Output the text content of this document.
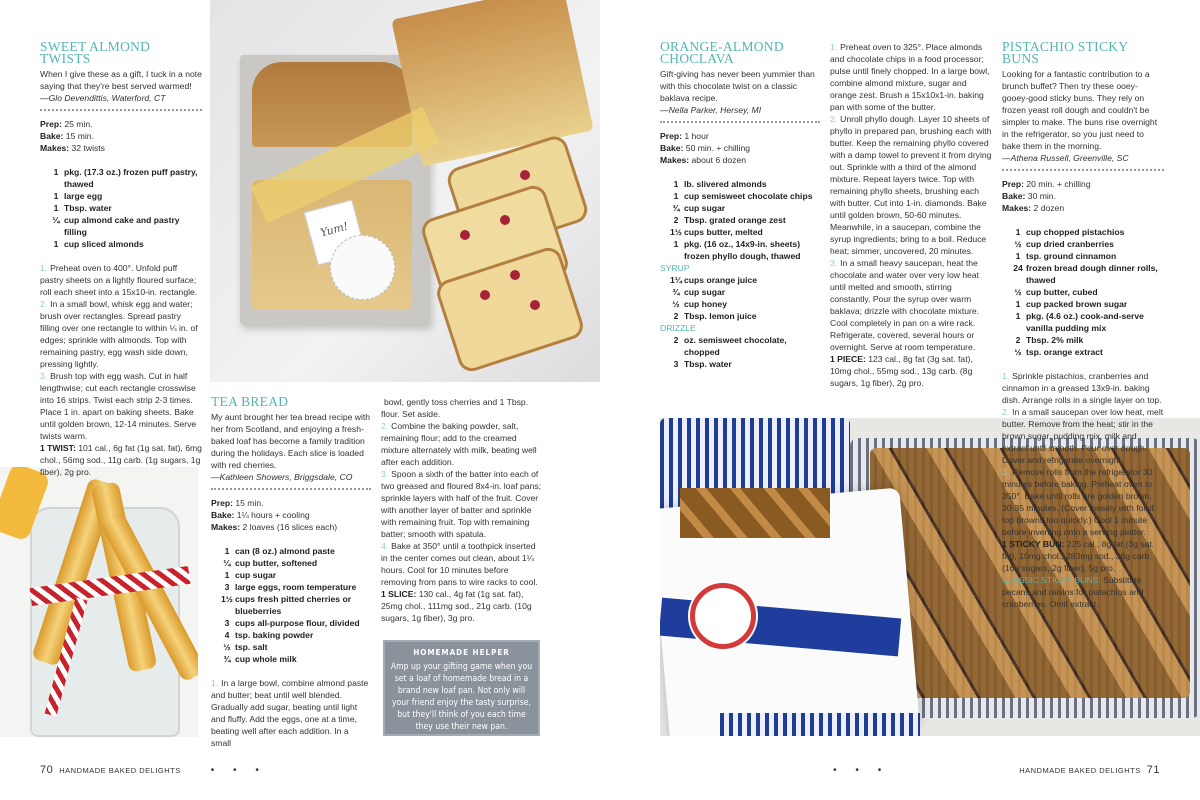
Yum!
SWEET ALMOND TWISTS

When I give these as a gift, I tuck in a note saying that they're best served warmed!

—Glo Devendittis, Waterford, CT

Prep: 25 min.
Bake: 15 min.
Makes: 32 twists
1 pkg. (17.3 oz.) frozen puff pastry, thawed
1 large egg
1 Tbsp. water
¼ cup almond cake and pastry filling
1 cup sliced almonds

1. Preheat oven to 400°. Unfold puff pastry sheets on a lightly floured surface; roll each sheet into a 15x10-in. rectangle.

2. In a small bowl, whisk egg and water; brush over rectangles. Spread pastry filling over one rectangle to within ¼ in. of edges; sprinkle with almonds. Top with remaining pastry, egg wash side down, pressing lightly.

3. Brush top with egg wash. Cut in half lengthwise; cut each rectangle crosswise into 16 strips. Twist each strip 2-3 times. Place 1 in. apart on baking sheets. Bake until golden brown, 12-14 minutes. Serve twists warm.

1 TWIST: 101 cal., 6g fat (1g sat. fat), 6mg chol., 56mg sod., 11g carb. (1g sugars, 1g fiber), 2g pro.

TEA BREAD

My aunt brought her tea bread recipe with her from Scotland, and enjoying a fresh-baked loaf has become a family tradition during the holidays. Each slice is loaded with red cherries.

—Kathleen Showers, Briggsdale, CO

Prep: 15 min.
Bake: 1¼ hours + cooling
Makes: 2 loaves (16 slices each)
1 can (8 oz.) almond paste
¼ cup butter, softened
1 cup sugar
3 large eggs, room temperature
1½ cups fresh pitted cherries or blueberries
3 cups all-purpose flour, divided
4 tsp. baking powder
½ tsp. salt
¾ cup whole milk

1. In a large bowl, combine almond paste and butter; beat until well blended. Gradually add sugar, beating until light and fluffy. Add the eggs, one at a time, beating well after each addition. In a small

bowl, gently toss cherries and 1 Tbsp. flour. Set aside.

2. Combine the baking powder, salt, remaining flour; add to the creamed mixture alternately with milk, beating well after each addition.

3. Spoon a sixth of the batter into each of two greased and floured 8x4-in. loaf pans; sprinkle layers with half of the fruit. Cover with another layer of batter and sprinkle with remaining fruit. Top with remaining batter; smooth with spatula.

4. Bake at 350° until a toothpick inserted in the center comes out clean, about 1¼ hours. Cool for 10 minutes before removing from pans to wire racks to cool.

1 SLICE: 130 cal., 4g fat (1g sat. fat), 25mg chol., 111mg sod., 21g carb. (10g sugars, 1g fiber), 3g pro.

HOMEMADE HELPER
Amp up your gifting game when you set a loaf of homemade bread in a brand new loaf pan. Not only will your friend enjoy the tasty surprise, but they'll think of you each time they use their new pan.
ORANGE-ALMOND CHOCLAVA

Gift-giving has never been yummier than with this chocolate twist on a classic baklava recipe.

—Nella Parker, Hersey, MI

Prep: 1 hour
Bake: 50 min. + chilling
Makes: about 6 dozen
1 lb. slivered almonds
1 cup semisweet chocolate chips
¾ cup sugar
2 Tbsp. grated orange zest
1½ cups butter, melted
1 pkg. (16 oz., 14x9-in. sheets) frozen phyllo dough, thawed
SYRUP
1¼ cups orange juice
¾ cup sugar
½ cup honey
2 Tbsp. lemon juice
DRIZZLE
2 oz. semisweet chocolate, chopped
3 Tbsp. water

1. Preheat oven to 325°. Place almonds and chocolate chips in a food processor; pulse until finely chopped. In a large bowl, combine almond mixture, sugar and orange zest. Brush a 15x10x1-in. baking pan with some of the butter.

2. Unroll phyllo dough. Layer 10 sheets of phyllo in prepared pan, brushing each with butter. Keep the remaining phyllo covered with a damp towel to prevent it from drying out. Sprinkle with a third of the almond mixture. Repeat layers twice. Top with remaining phyllo sheets, brushing each with butter. Cut into 1-in. diamonds. Bake until golden brown, 50-60 minutes. Meanwhile, in a saucepan, combine the syrup ingredients; bring to a boil. Reduce heat; simmer, uncovered, 20 minutes.

3. In a small heavy saucepan, heat the chocolate and water over very low heat until melted and smooth, stirring constantly. Pour the syrup over warm baklava; drizzle with chocolate mixture. Cool completely in pan on a wire rack. Refrigerate, covered, several hours or overnight. Serve at room temperature.

1 PIECE: 123 cal., 8g fat (3g sat. fat), 10mg chol., 55mg sod., 13g carb. (8g sugars, 1g fiber), 2g pro.

PISTACHIO STICKY BUNS

Looking for a fantastic contribution to a brunch buffet? Then try these ooey-gooey-good sticky buns. They rely on frozen yeast roll dough and couldn't be simpler to make. The buns rise overnight in the refrigerator, so you just need to bake them in the morning.

—Athena Russell, Greenville, SC

Prep: 20 min. + chilling
Bake: 30 min.
Makes: 2 dozen
1 cup chopped pistachios
½ cup dried cranberries
1 tsp. ground cinnamon
24 frozen bread dough dinner rolls, thawed
½ cup butter, cubed
1 cup packed brown sugar
1 pkg. (4.6 oz.) cook-and-serve vanilla pudding mix
2 Tbsp. 2% milk
½ tsp. orange extract

1. Sprinkle pistachios, cranberries and cinnamon in a greased 13x9-in. baking dish. Arrange rolls in a single layer on top.

2. In a small saucepan over low heat, melt butter. Remove from the heat; stir in the brown sugar, pudding mix, milk and extract until smooth. Pour over dough. Cover and refrigerate overnight.

3. Remove rolls from the refrigerator 30 minutes before baking. Preheat oven to 350°. Bake until rolls are golden brown, 30-35 minutes. (Cover loosely with foil if top browns too quickly.) Cool 1 minute before inverting onto a serving platter.

1 STICKY BUN: 225 cal., 8g fat (3g sat. fat), 10mg chol., 283mg sod., 36g carb. (16g sugars, 2g fiber), 5g pro.

CLASSIC STICKY BUNS: Substitute pecans and raisins for pistachios and cranberries. Omit extract.

70 HANDMADE BAKED DELIGHTS	• • •	• • •	HANDMADE BAKED DELIGHTS 71
